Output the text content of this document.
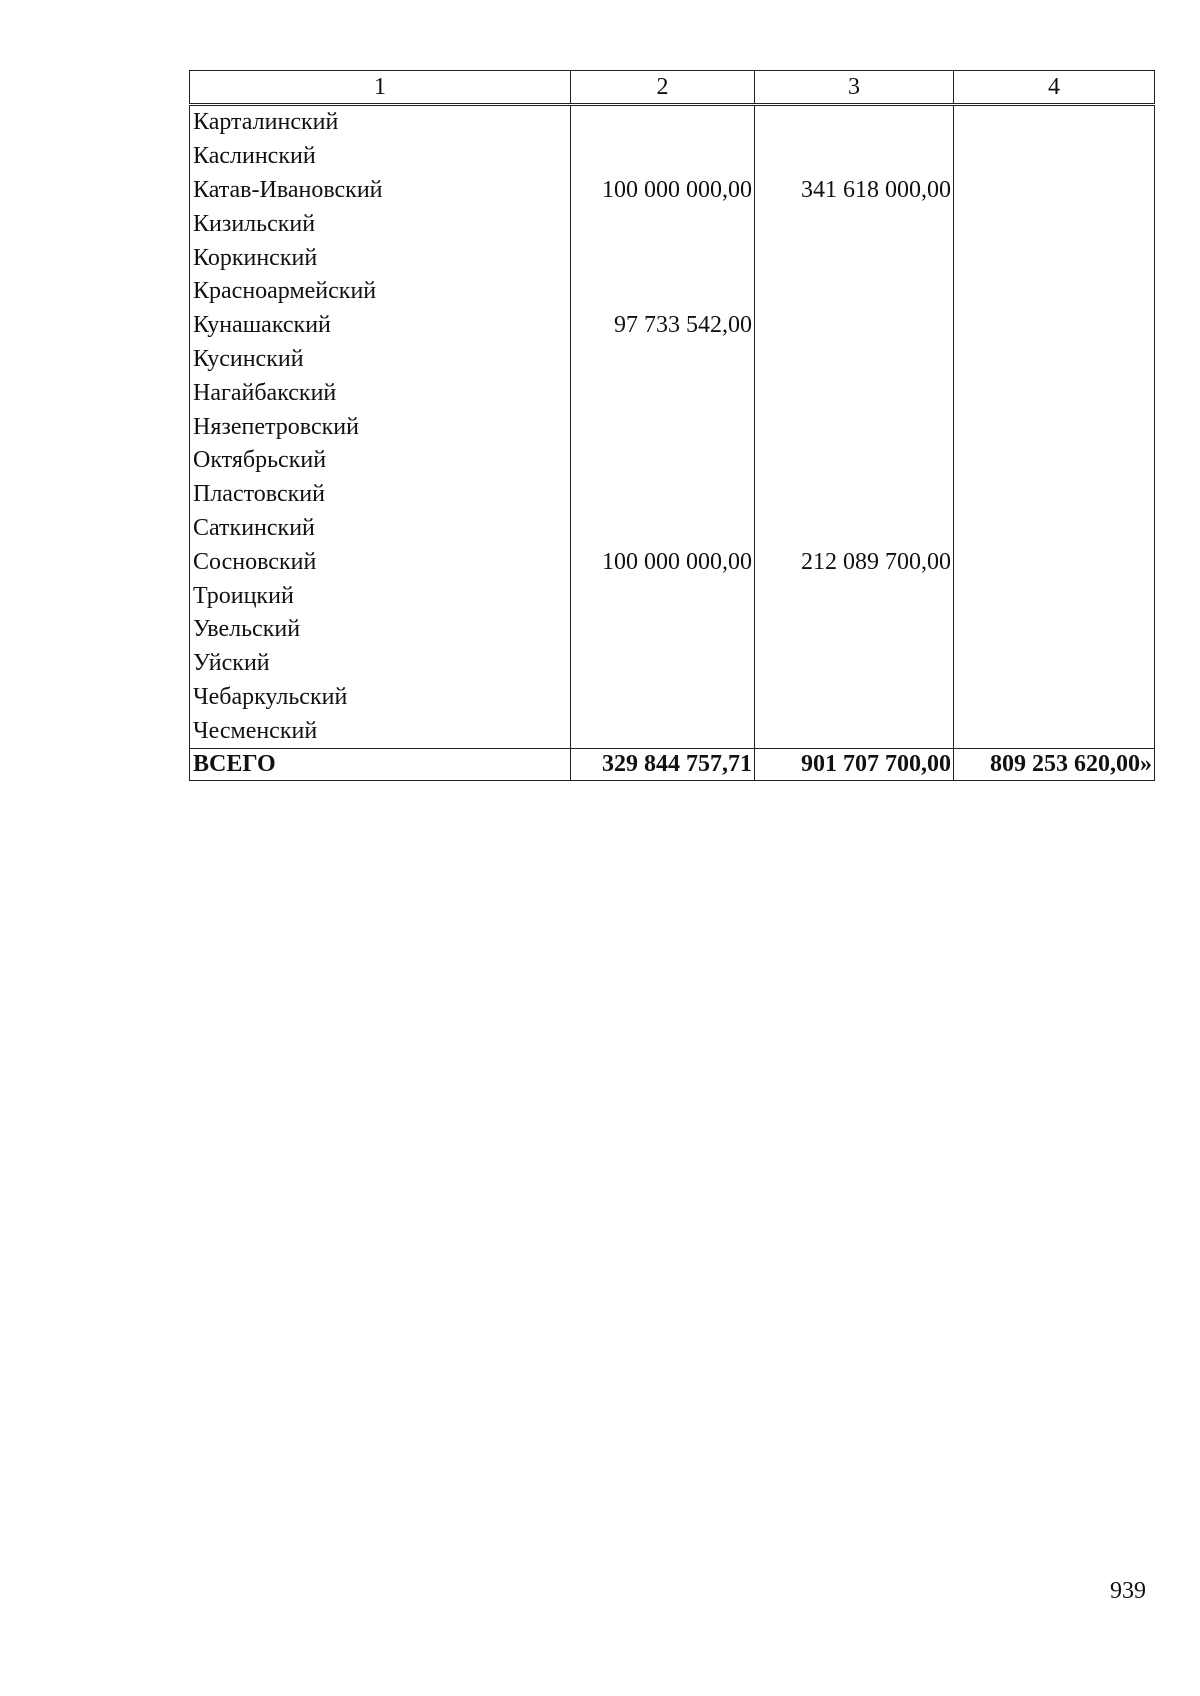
1	2	3	4
Карталинский			
Каслинский			
Катав-Ивановский	100 000 000,00	341 618 000,00	
Кизильский			
Коркинский			
Красноармейский			
Кунашакский	97 733 542,00		
Кусинский			
Нагайбакский			
Нязепетровский			
Октябрьский			
Пластовский			
Саткинский			
Сосновский	100 000 000,00	212 089 700,00	
Троицкий			
Увельский			
Уйский			
Чебаркульский			
Чесменский			
ВСЕГО	329 844 757,71	901 707 700,00	809 253 620,00»
939
